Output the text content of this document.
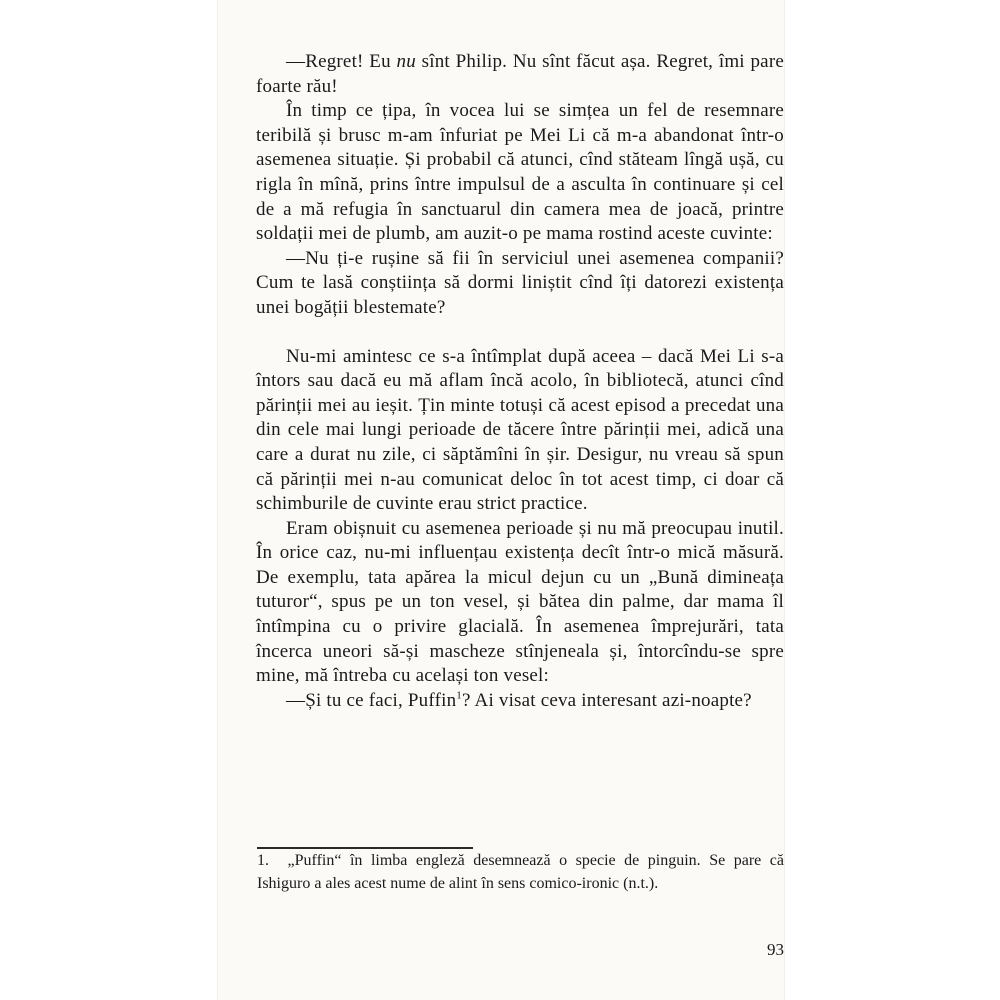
—Regret! Eu nu sînt Philip. Nu sînt făcut așa. Regret, îmi pare foarte rău!

În timp ce țipa, în vocea lui se simțea un fel de resemnare teribilă și brusc m-am înfuriat pe Mei Li că m-a abandonat într-o asemenea situație. Și probabil că atunci, cînd stăteam lîngă ușă, cu rigla în mînă, prins între impulsul de a asculta în continuare și cel de a mă refugia în sanctuarul din camera mea de joacă, printre soldații mei de plumb, am auzit-o pe mama rostind aceste cuvinte:

—Nu ți-e rușine să fii în serviciul unei asemenea companii? Cum te lasă conștiința să dormi liniștit cînd îți datorezi existența unei bogății blestemate?

Nu-mi amintesc ce s-a întîmplat după aceea – dacă Mei Li s-a întors sau dacă eu mă aflam încă acolo, în bibliotecă, atunci cînd părinții mei au ieșit. Țin minte totuși că acest episod a precedat una din cele mai lungi perioade de tăcere între părinții mei, adică una care a durat nu zile, ci săptămîni în șir. Desigur, nu vreau să spun că părinții mei n-au comunicat deloc în tot acest timp, ci doar că schimburile de cuvinte erau strict practice.

Eram obișnuit cu asemenea perioade și nu mă preocupau inutil. În orice caz, nu-mi influențau existența decît într-o mică măsură. De exemplu, tata apărea la micul dejun cu un „Bună dimineața tuturor“, spus pe un ton vesel, și bătea din palme, dar mama îl întîmpina cu o privire glacială. În asemenea împrejurări, tata încerca uneori să-și mascheze stînjeneala și, întorcîndu-se spre mine, mă întreba cu același ton vesel:

—Și tu ce faci, Puffin$^1$? Ai visat ceva interesant azi-noapte?

1. „Puffin“ în limba engleză desemnează o specie de pinguin. Se pare că Ishiguro a ales acest nume de alint în sens comico-ironic (n.t.).
93
